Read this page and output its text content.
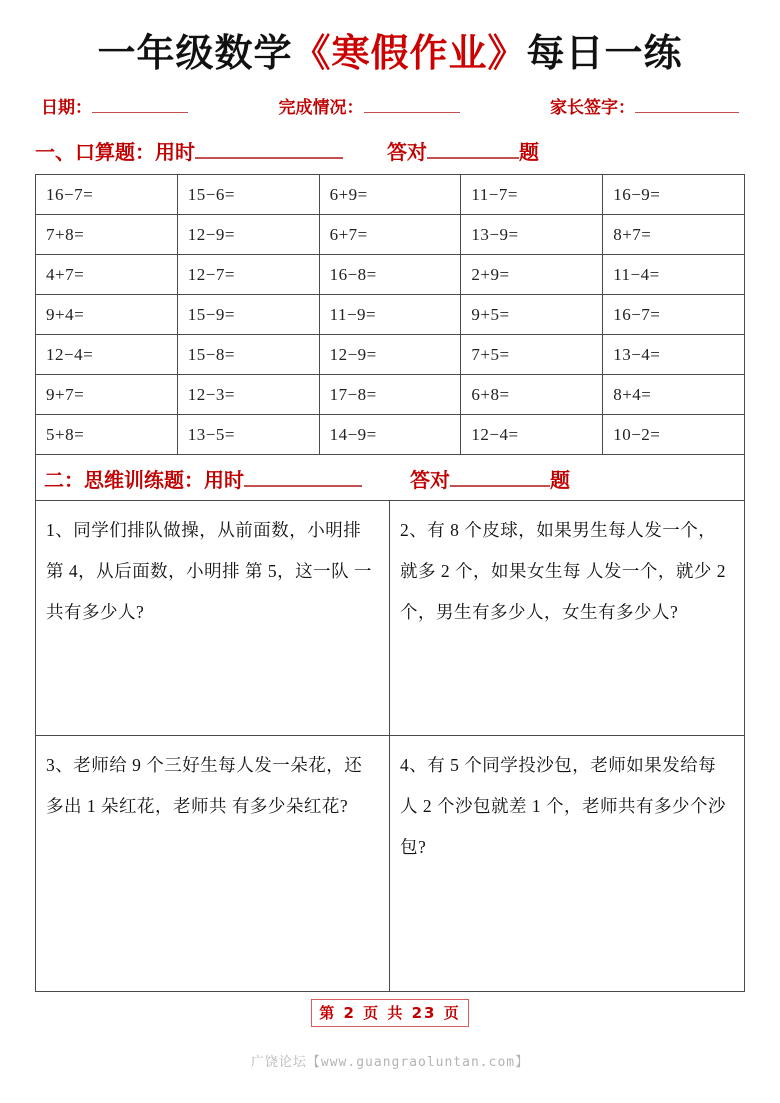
一年级数学《寒假作业》每日一练
日期：	完成情况：	家长签字：
一、口算题：用时	答对	题
16−7=	15−6=	6+9=	11−7=	16−9=
7+8=	12−9=	6+7=	13−9=	8+7=
4+7=	12−7=	16−8=	2+9=	11−4=
9+4=	15−9=	11−9=	9+5=	16−7=
12−4=	15−8=	12−9=	7+5=	13−4=
9+7=	12−3=	17−8=	6+8=	8+4=
5+8=	13−5=	14−9=	12−4=	10−2=
二：思维训练题：用时	答对	题
1、同学们排队做操，从前面数，小明排 第 4，从后面数，小明排 第 5，这一队 一共有多少人?
2、有 8 个皮球，如果男生每人发一个，就多 2 个，如果女生每 人发一个，就少 2 个，男生有多少人，女生有多少人?
3、老师给 9 个三好生每人发一朵花，还多出 1 朵红花，老师共 有多少朵红花?
4、有 5 个同学投沙包，老师如果发给每人 2 个沙包就差 1 个，老师共有多少个沙包?
第 2 页 共 23 页
广饶论坛【www.guangraoluntan.com】
